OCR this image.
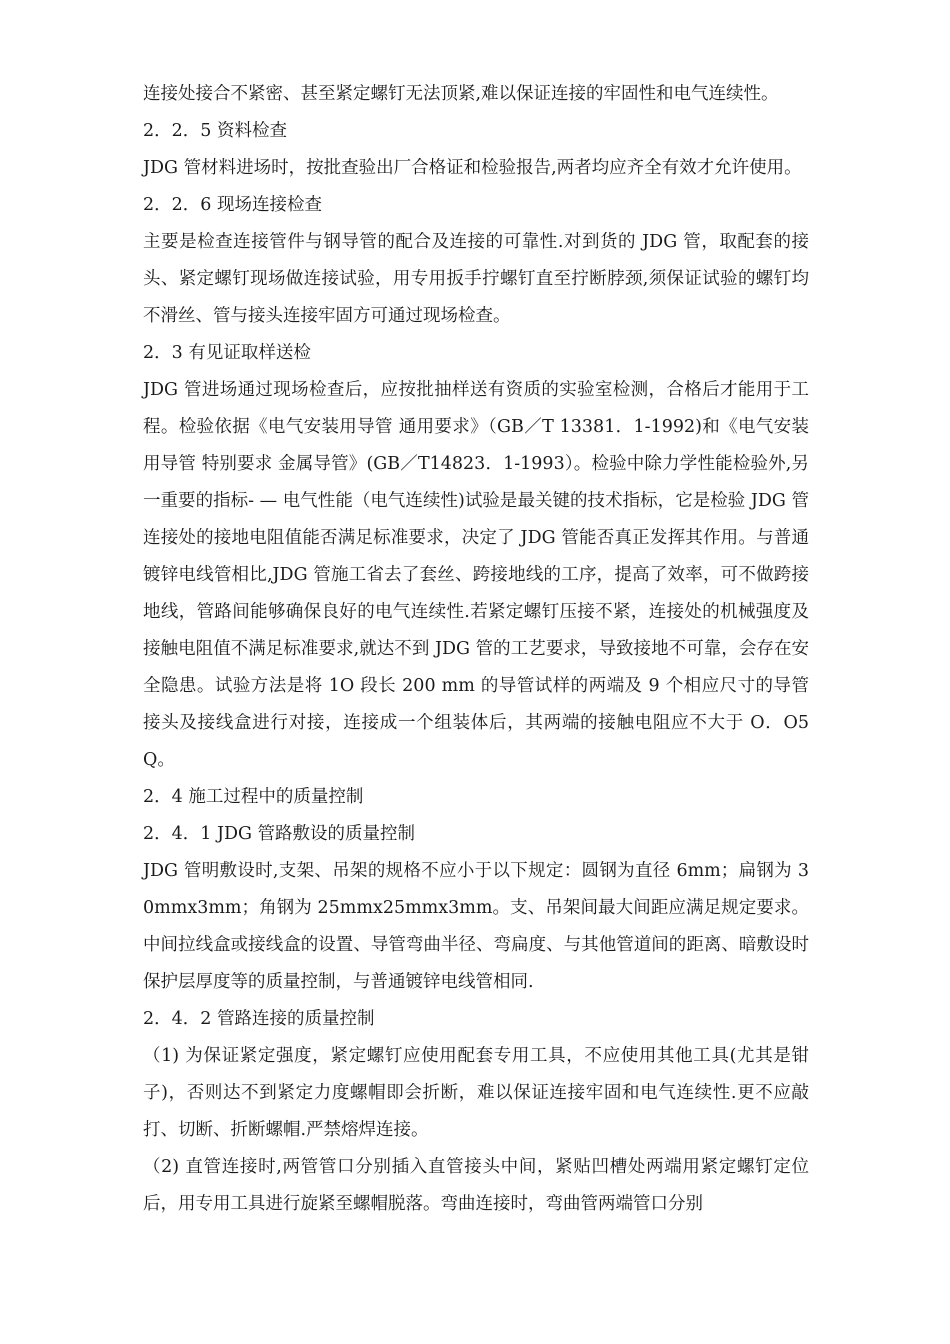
连接处接合不紧密、甚至紧定螺钉无法顶紧,难以保证连接的牢固性和电气连续性。

2．2．5 资料检查

JDG 管材料进场时，按批查验出厂合格证和检验报告,两者均应齐全有效才允许使用。

2．2．6 现场连接检查

主要是检查连接管件与钢导管的配合及连接的可靠性.对到货的 JDG 管，取配套的接头、紧定螺钉现场做连接试验，用专用扳手拧螺钉直至拧断脖颈,须保证试验的螺钉均不滑丝、管与接头连接牢固方可通过现场检查。

2．3 有见证取样送检

JDG 管进场通过现场检查后，应按批抽样送有资质的实验室检测，合格后才能用于工程。检验依据《电气安装用导管 通用要求》（GB／T 13381．1-1992)和《电气安装用导管 特别要求 金属导管》(GB／T14823．1-1993）。检验中除力学性能检验外,另一重要的指标- — 电气性能（电气连续性)试验是最关键的技术指标，它是检验 JDG 管连接处的接地电阻值能否满足标准要求，决定了 JDG 管能否真正发挥其作用。与普通镀锌电线管相比,JDG 管施工省去了套丝、跨接地线的工序，提高了效率，可不做跨接地线，管路间能够确保良好的电气连续性.若紧定螺钉压接不紧，连接处的机械强度及接触电阻值不满足标准要求,就达不到 JDG 管的工艺要求，导致接地不可靠，会存在安全隐患。试验方法是将 1O 段长 200 mm 的导管试样的两端及 9 个相应尺寸的导管接头及接线盒进行对接，连接成一个组装体后，其两端的接触电阻应不大于 O．O5Q。

2．4 施工过程中的质量控制

2．4．1 JDG 管路敷设的质量控制

JDG 管明敷设时,支架、吊架的规格不应小于以下规定：圆钢为直径 6mm；扁钢为 30mmx3mm；角钢为 25mmx25mmx3mm。支、吊架间最大间距应满足规定要求。中间拉线盒或接线盒的设置、导管弯曲半径、弯扁度、与其他管道间的距离、暗敷设时保护层厚度等的质量控制，与普通镀锌电线管相同.

2．4．2 管路连接的质量控制

（1) 为保证紧定强度，紧定螺钉应使用配套专用工具，不应使用其他工具(尤其是钳子)，否则达不到紧定力度螺帽即会折断，难以保证连接牢固和电气连续性.更不应敲打、切断、折断螺帽.严禁熔焊连接。

（2) 直管连接时,两管管口分别插入直管接头中间，紧贴凹槽处两端用紧定螺钉定位后，用专用工具进行旋紧至螺帽脱落。弯曲连接时，弯曲管两端管口分别
